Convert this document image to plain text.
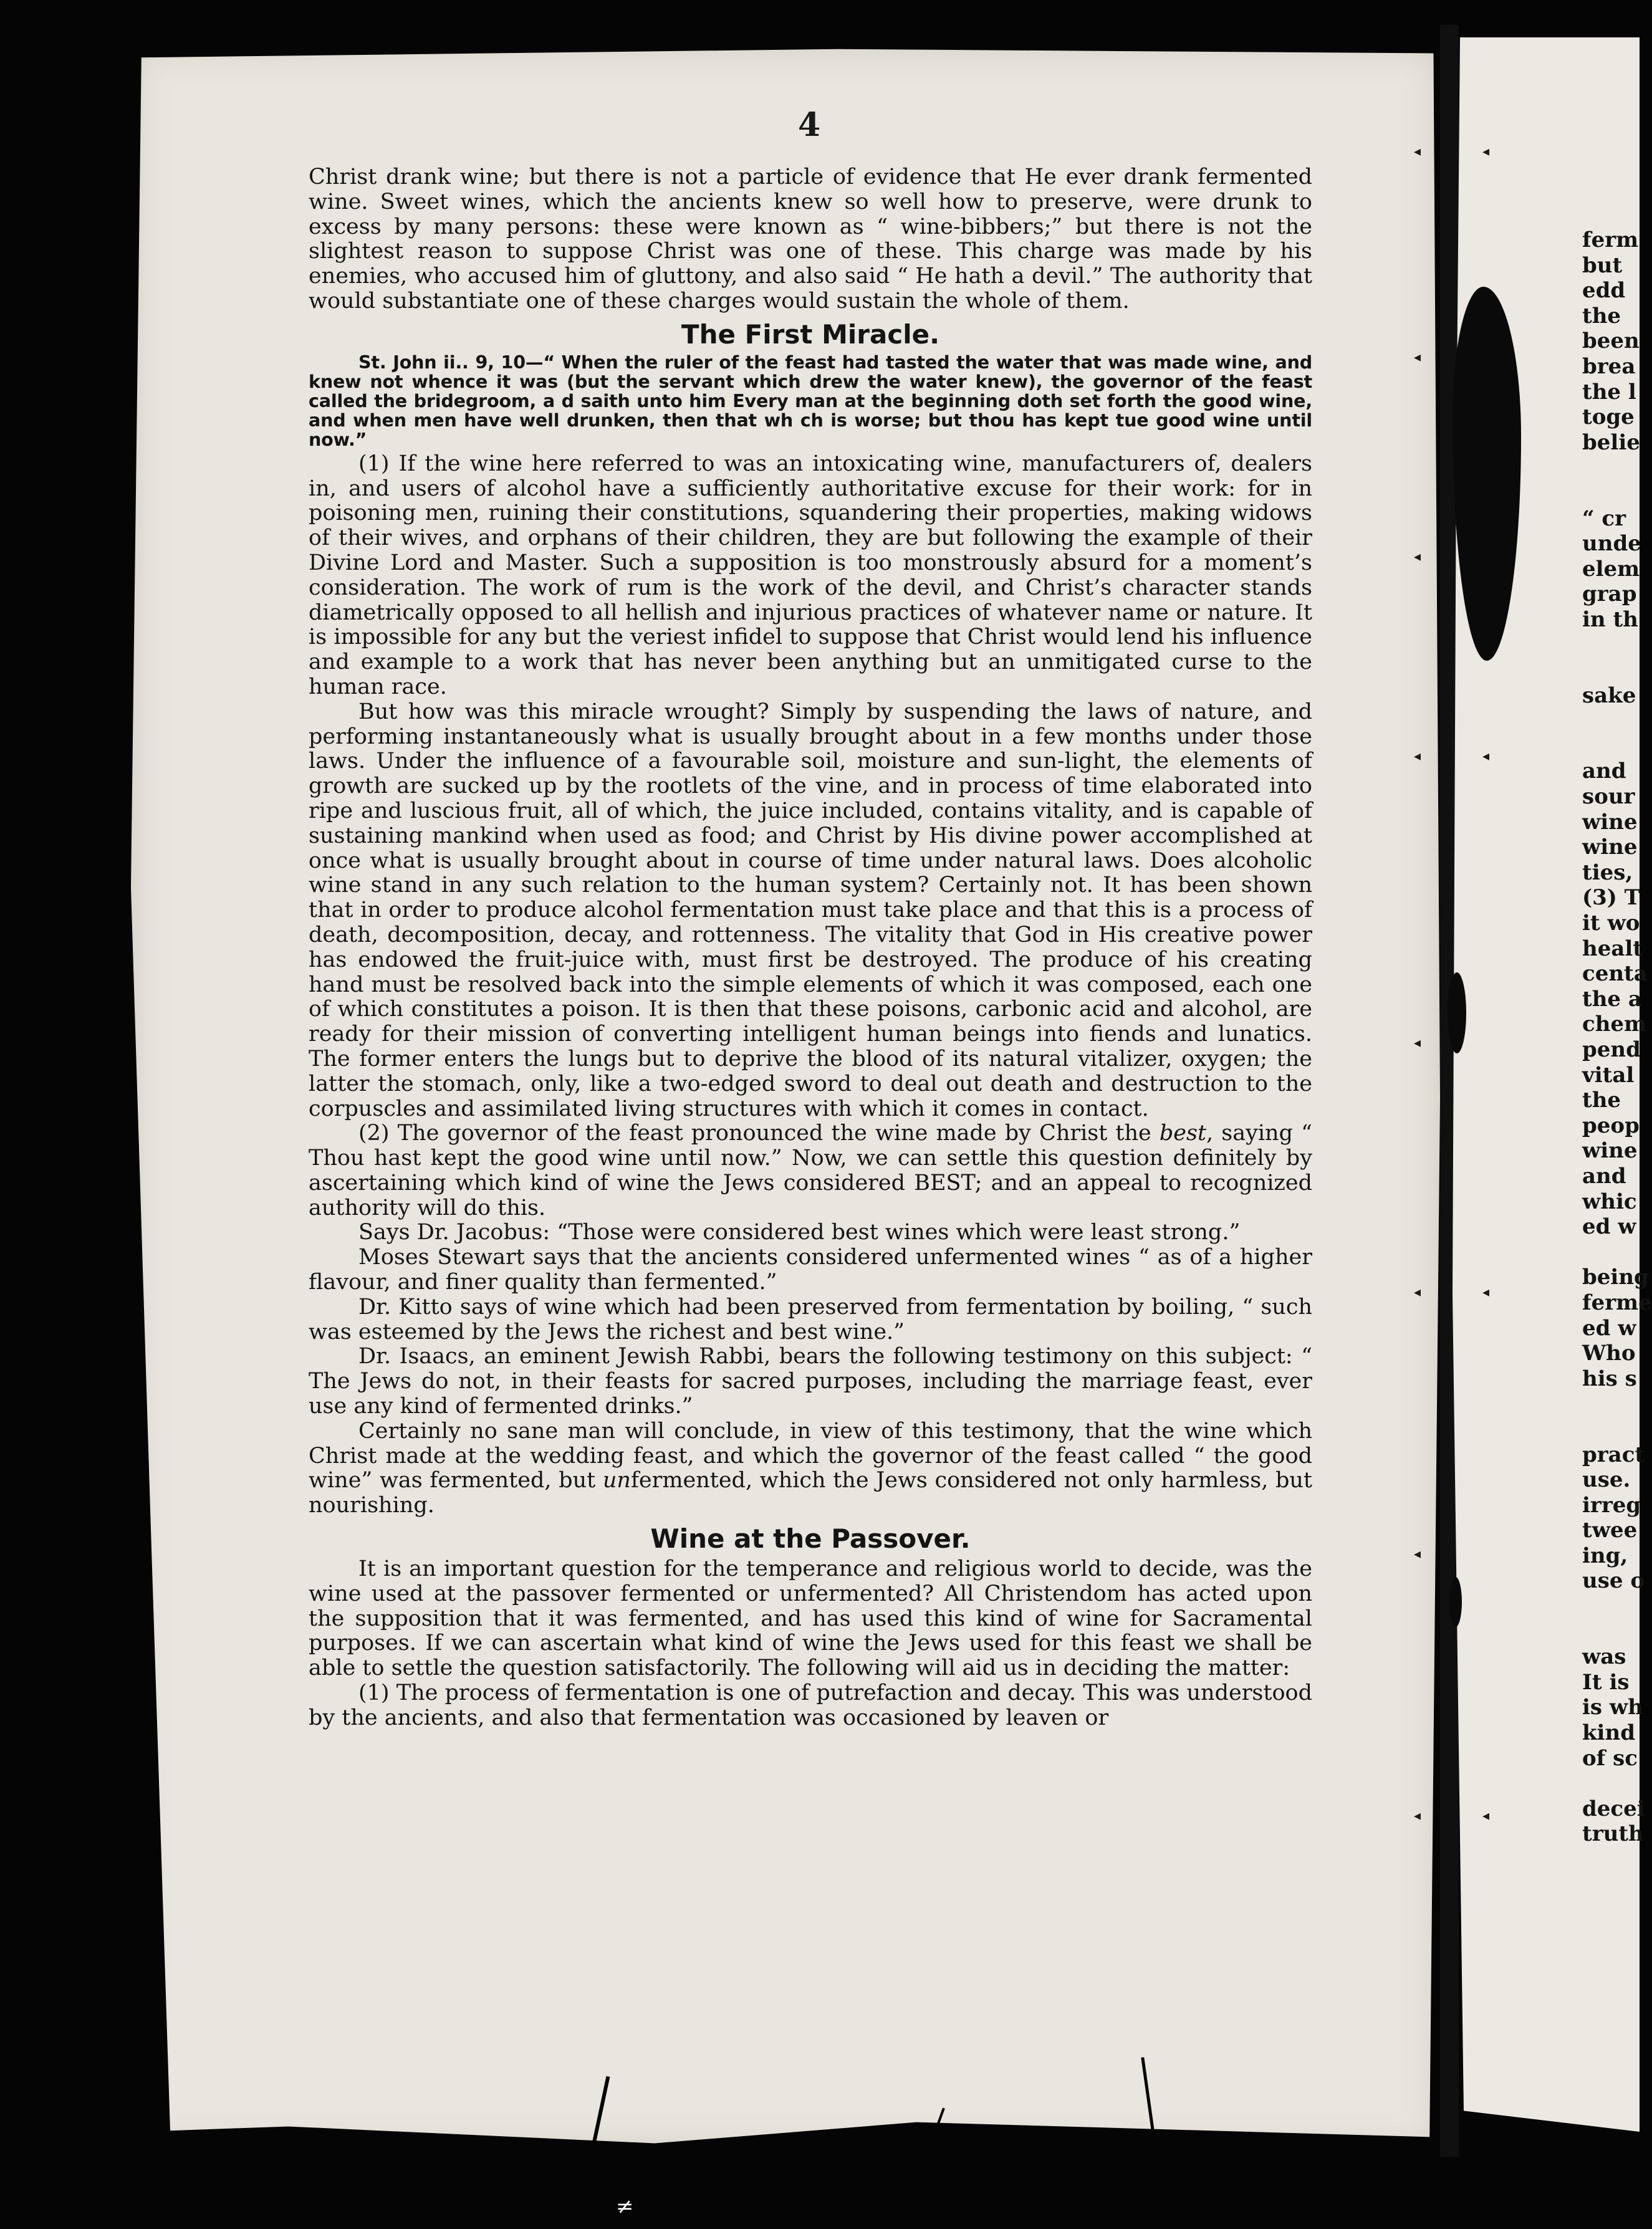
4

Christ drank wine; but there is not a particle of evidence that He ever drank fermented wine. Sweet wines, which the ancients knew so well how to preserve, were drunk to excess by many persons: these were known as “ wine-bibbers;” but there is not the slightest reason to suppose Christ was one of these. This charge was made by his enemies, who accused him of gluttony, and also said “ He hath a devil.” The authority that would substantiate one of these charges would sustain the whole of them.

The First Miracle.

St. John ii.. 9, 10—“ When the ruler of the feast had tasted the water that was made wine, and knew not whence it was (but the servant which drew the water knew), the governor of the feast called the bridegroom, a d saith unto him Every man at the beginning doth set forth the good wine, and when men have well drunken, then that wh ch is worse; but thou has kept tue good wine until now.”

(1) If the wine here referred to was an intoxicating wine, manufacturers of, dealers in, and users of alcohol have a sufficiently authoritative excuse for their work: for in poisoning men, ruining their constitutions, squandering their properties, making widows of their wives, and orphans of their children, they are but following the example of their Divine Lord and Master. Such a supposition is too monstrously absurd for a moment’s consideration. The work of rum is the work of the devil, and Christ’s character stands diametrically opposed to all hellish and injurious practices of whatever name or nature. It is impossible for any but the veriest infidel to suppose that Christ would lend his influence and example to a work that has never been anything but an unmitigated curse to the human race.

But how was this miracle wrought? Simply by suspending the laws of nature, and performing instantaneously what is usually brought about in a few months under those laws. Under the influence of a favourable soil, moisture and sun-light, the elements of growth are sucked up by the rootlets of the vine, and in process of time elaborated into ripe and luscious fruit, all of which, the juice included, contains vitality, and is capable of sustaining mankind when used as food; and Christ by His divine power accomplished at once what is usually brought about in course of time under natural laws. Does alcoholic wine stand in any such relation to the human system? Certainly not. It has been shown that in order to produce alcohol fermentation must take place and that this is a process of death, decomposition, decay, and rottenness. The vitality that God in His creative power has endowed the fruit-juice with, must first be destroyed. The produce of his creating hand must be resolved back into the simple elements of which it was composed, each one of which constitutes a poison. It is then that these poisons, carbonic acid and alcohol, are ready for their mission of converting intelligent human beings into fiends and lunatics. The former enters the lungs but to deprive the blood of its natural vitalizer, oxygen; the latter the stomach, only, like a two-edged sword to deal out death and destruction to the corpuscles and assimilated living structures with which it comes in contact.

(2) The governor of the feast pronounced the wine made by Christ the best, saying “ Thou hast kept the good wine until now.” Now, we can settle this question definitely by ascertaining which kind of wine the Jews considered BEST; and an appeal to recognized authority will do this.

Says Dr. Jacobus: “Those were considered best wines which were least strong.”

Moses Stewart says that the ancients considered unfermented wines “ as of a higher flavour, and finer quality than fermented.”

Dr. Kitto says of wine which had been preserved from fermentation by boiling, “ such was esteemed by the Jews the richest and best wine.”

Dr. Isaacs, an eminent Jewish Rabbi, bears the following testimony on this subject: “ The Jews do not, in their feasts for sacred purposes, including the marriage feast, ever use any kind of fermented drinks.”

Certainly no sane man will conclude, in view of this testimony, that the wine which Christ made at the wedding feast, and which the governor of the feast called “ the good wine” was fermented, but unfermented, which the Jews considered not only harmless, but nourishing.

Wine at the Passover.

It is an important question for the temperance and religious world to decide, was the wine used at the passover fermented or unfermented? All Christendom has acted upon the supposition that it was fermented, and has used this kind of wine for Sacramental purposes. If we can ascertain what kind of wine the Jews used for this feast we shall be able to settle the question satisfactorily. The following will aid us in deciding the matter:

(1) The process of fermentation is one of putrefaction and decay. This was understood by the ancients, and also that fermentation was occasioned by leaven or

ferm
but
edd
the
been
brea
the l
toge
belie
“ cr
unde
elem
grap
in th
sake
and
sour
wine
wine
ties,
(3) T
it wo
healt
centa
the a
chem
pend
vital
the
peop
wine
and
whic
ed w
being
ferme
ed w
Who
his s
pract
use.
irreg
twee
ing,
use o
was
It is
is wh
kind
of sc
decei
truth
◂
◂
◂
◂
◂
◂
◂
◂
◂
◂
◂
◂
≠
